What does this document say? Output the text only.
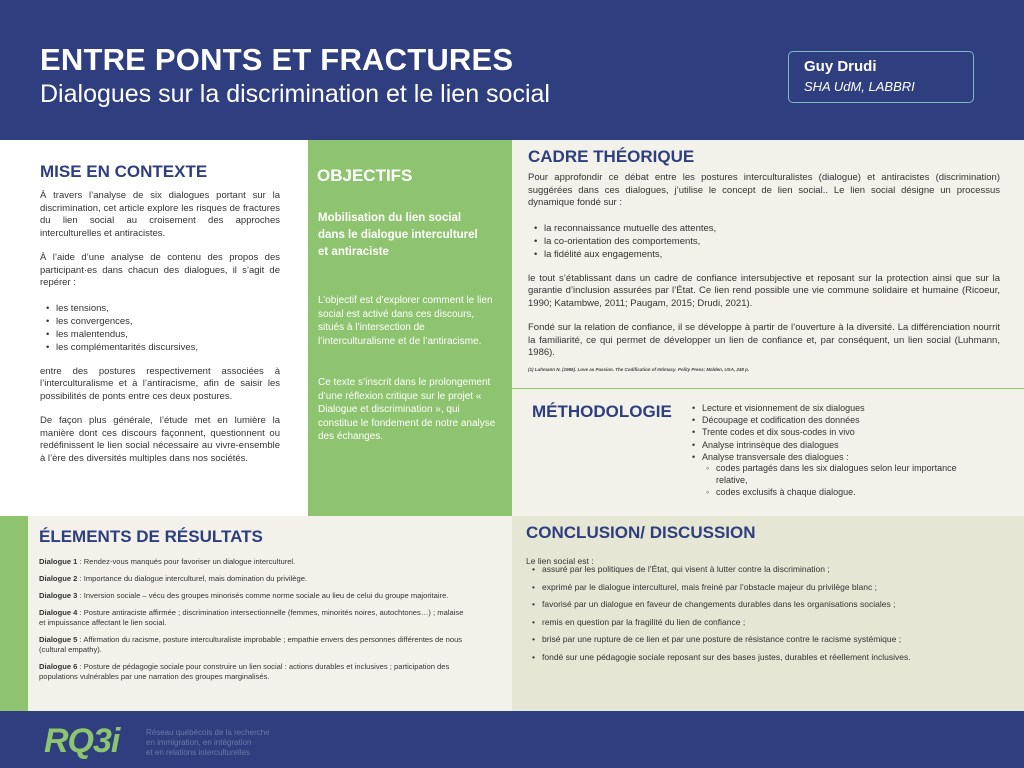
ENTRE PONTS ET FRACTURES
Dialogues sur la discrimination et le lien social
Guy Drudi
SHA UdM, LABBRI
MISE EN CONTEXTE
À travers l’analyse de six dialogues portant sur la discrimination, cet article explore les risques de fractures du lien social au croisement des approches interculturelles et antiracistes.
À l’aide d’une analyse de contenu des propos des participant·es dans chacun des dialogues, il s’agit de repérer :
• les tensions,
• les convergences,
• les malentendus,
• les complémentarités discursives,
entre des postures respectivement associées à l’interculturalisme et à l’antiracisme, afin de saisir les possibilités de ponts entre ces deux postures.
De façon plus générale, l’étude met en lumière la manière dont ces discours façonnent, questionnent ou redéfinissent le lien social nécessaire au vivre-ensemble à l’ère des diversités multiples dans nos sociétés.
OBJECTIFS
Mobilisation du lien social dans le dialogue interculturel et antiraciste
L’objectif est d’explorer comment le lien social est activé dans ces discours, situés à l’intersection de l’interculturalisme et de l’antiracisme.
Ce texte s’inscrit dans le prolongement d’une réflexion critique sur le projet « Dialogue et discrimination », qui constitue le fondement de notre analyse des échanges.
CADRE THÉORIQUE
Pour approfondir ce débat entre les postures interculturalistes (dialogue) et antiracistes (discrimination) suggérées dans ces dialogues, j’utilise le concept de lien social.. Le lien social désigne un processus dynamique fondé sur :
• la reconnaissance mutuelle des attentes,
• la co-orientation des comportements,
• la fidélité aux engagements,
le tout s’établissant dans un cadre de confiance intersubjective et reposant sur la protection ainsi que sur la garantie d’inclusion assurées par l’État. Ce lien rend possible une vie commune solidaire et humaine (Ricoeur, 1990; Katambwe, 2011; Paugam, 2015; Drudi, 2021).
Fondé sur la relation de confiance, il se développe à partir de l’ouverture à la diversité. La différenciation nourrit la familiarité, ce qui permet de développer un lien de confiance et, par conséquent, un lien social (Luhmann, 1986).
(1) Luhmann N. (1986). Love as Passion. The Codification of Intimacy. Polity Press; Malden, USA, 248 p.
MÉTHODOLOGIE
•	Lecture et visionnement de six dialogues
• Découpage et codification des données
• Trente codes et dix sous-codes in vivo
• Analyse intrinsèque des dialogues
• Analyse transversale des dialogues :
◦ codes partagés dans les six dialogues selon leur importance relative,
◦ codes exclusifs à chaque dialogue.
ÉLEMENTS DE RÉSULTATS
Dialogue 1 : Rendez-vous manqués pour favoriser un dialogue interculturel.
Dialogue 2 : Importance du dialogue interculturel, mais domination du privilège.
Dialogue 3 : Inversion sociale – vécu des groupes minorisés comme norme sociale au lieu de celui du groupe majoritaire.
Dialogue 4 : Posture antiraciste affirmée ; discrimination intersectionnelle (femmes, minorités noires, autochtones…) ; malaise et impuissance affectant le lien social.
Dialogue 5 : Affirmation du racisme, posture interculturaliste improbable ; empathie envers des personnes différentes de nous (cultural empathy).
Dialogue 6 : Posture de pédagogie sociale pour construire un lien social : actions durables et inclusives ; participation des populations vulnérables par une narration des groupes marginalisés.
CONCLUSION/ DISCUSSION
Le lien social est :
• assuré par les politiques de l’État, qui visent à lutter contre la discrimination ;
• exprimé par le dialogue interculturel, mais freiné par l’obstacle majeur du privilège blanc ;
• favorisé par un dialogue en faveur de changements durables dans les organisations sociales ;
• remis en question par la fragilité du lien de confiance ;
• brisé par une rupture de ce lien et par une posture de résistance contre le racisme systémique ;
• fondé sur une pédagogie sociale reposant sur des bases justes, durables et réellement inclusives.
RQ3i	Réseau québécois de la recherche
en immigration, en intégration
et en relations interculturelles
